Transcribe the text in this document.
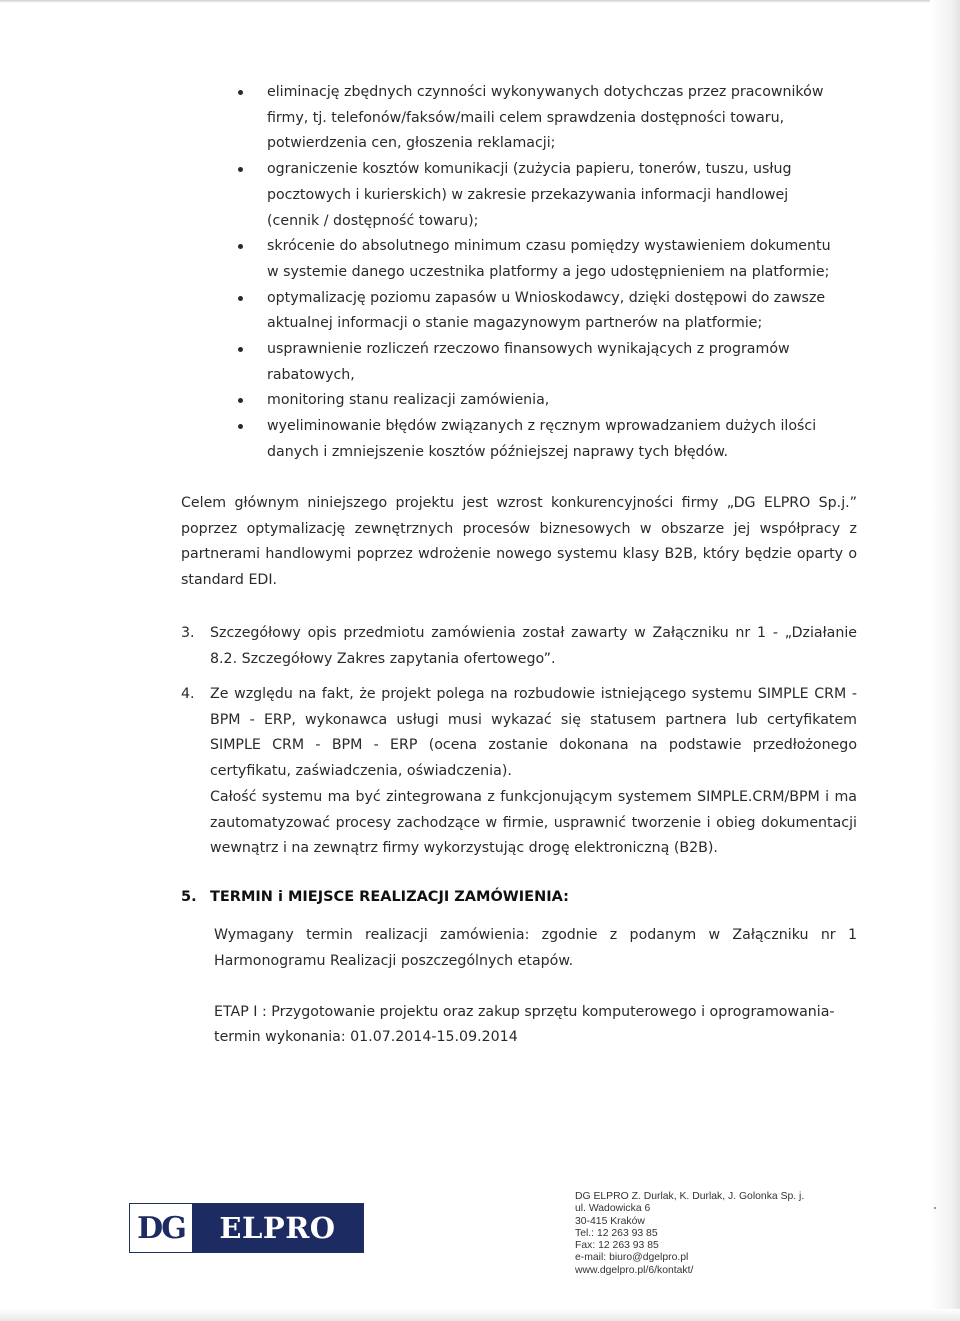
eliminację zbędnych czynności wykonywanych dotychczas przez pracowników firmy, tj. telefonów/faksów/maili celem sprawdzenia dostępności towaru, potwierdzenia cen, głoszenia reklamacji;
ograniczenie kosztów komunikacji (zużycia papieru, tonerów, tuszu, usług pocztowych i kurierskich) w zakresie przekazywania informacji handlowej (cennik / dostępność towaru);
skrócenie do absolutnego minimum czasu pomiędzy wystawieniem dokumentu w systemie danego uczestnika platformy a jego udostępnieniem na platformie;
optymalizację poziomu zapasów u Wnioskodawcy, dzięki dostępowi do zawsze aktualnej informacji o stanie magazynowym partnerów na platformie;
usprawnienie rozliczeń rzeczowo finansowych wynikających z programów rabatowych,
monitoring stanu realizacji zamówienia,
wyeliminowanie błędów związanych z ręcznym wprowadzaniem dużych ilości danych i zmniejszenie kosztów późniejszej naprawy tych błędów.

Celem głównym niniejszego projektu jest wzrost konkurencyjności firmy „DG ELPRO Sp.j.” poprzez optymalizację zewnętrznych procesów biznesowych w obszarze jej współpracy z partnerami handlowymi poprzez wdrożenie nowego systemu klasy B2B, który będzie oparty o standard EDI.

3. Szczegółowy opis przedmiotu zamówienia został zawarty w Załączniku nr 1 - „Działanie 8.2. Szczegółowy Zakres zapytania ofertowego”.

4. Ze względu na fakt, że projekt polega na rozbudowie istniejącego systemu SIMPLE CRM - BPM - ERP, wykonawca usługi musi wykazać się statusem partnera lub certyfikatem SIMPLE CRM - BPM - ERP (ocena zostanie dokonana na podstawie przedłożonego certyfikatu, zaświadczenia, oświadczenia).

Całość systemu ma być zintegrowana z funkcjonującym systemem SIMPLE.CRM/BPM i ma zautomatyzować procesy zachodzące w firmie, usprawnić tworzenie i obieg dokumentacji wewnątrz i na zewnątrz firmy wykorzystując drogę elektroniczną (B2B).

5. TERMIN i MIEJSCE REALIZACJI ZAMÓWIENIA:

Wymagany termin realizacji zamówienia: zgodnie z podanym w Załączniku nr 1 Harmonogramu Realizacji poszczególnych etapów.

ETAP I : Przygotowanie projektu oraz zakup sprzętu komputerowego i oprogramowania-

termin wykonania: 01.07.2014-15.09.2014

DG	ELPRO
DG ELPRO Z. Durlak, K. Durlak, J. Golonka Sp. j.
ul. Wadowicka 6
30-415 Kraków
Tel.: 12 263 93 85
Fax: 12 263 93 85
e-mail: biuro@dgelpro.pl
www.dgelpro.pl/6/kontakt/
